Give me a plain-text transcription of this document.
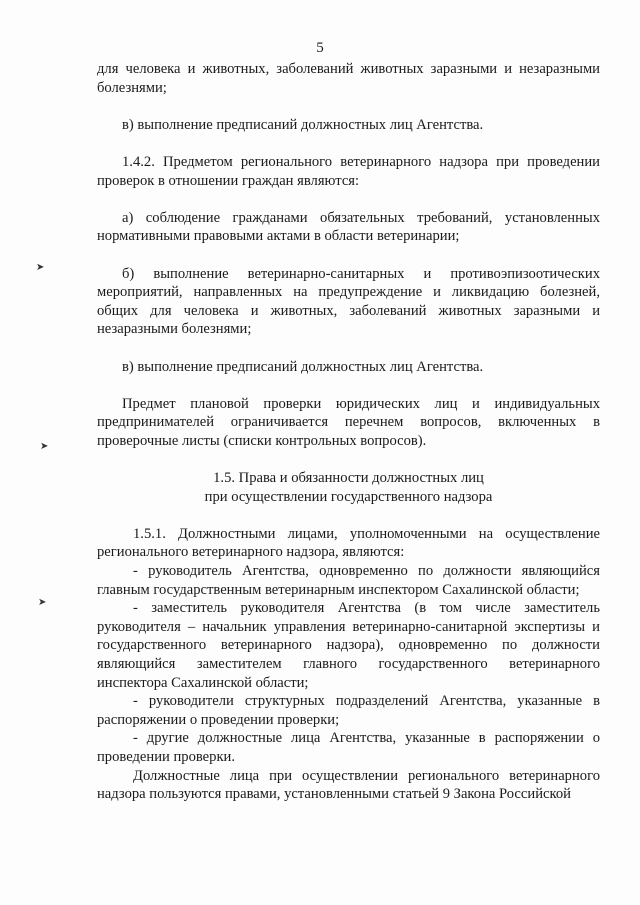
5
➤
➤
➤

для человека и животных, заболеваний животных заразными и незаразными болезнями;

в) выполнение предписаний должностных лиц Агентства.

1.4.2. Предметом регионального ветеринарного надзора при проведении проверок в отношении граждан являются:

а) соблюдение гражданами обязательных требований, установленных нормативными правовыми актами в области ветеринарии;

б) выполнение ветеринарно-санитарных и противоэпизоотических мероприятий, направленных на предупреждение и ликвидацию болезней, общих для человека и животных, заболеваний животных заразными и незаразными болезнями;

в) выполнение предписаний должностных лиц Агентства.

Предмет плановой проверки юридических лиц и индивидуальных предпринимателей ограничивается перечнем вопросов, включенных в проверочные листы (списки контрольных вопросов).

1.5. Права и обязанности должностных лиц

при осуществлении государственного надзора

1.5.1. Должностными лицами, уполномоченными на осуществление регионального ветеринарного надзора, являются:

- руководитель Агентства, одновременно по должности являющийся главным государственным ветеринарным инспектором Сахалинской области;

- заместитель руководителя Агентства (в том числе заместитель руководителя – начальник управления ветеринарно-санитарной экспертизы и государственного ветеринарного надзора), одновременно по должности являющийся заместителем главного государственного ветеринарного инспектора Сахалинской области;

- руководители структурных подразделений Агентства, указанные в распоряжении о проведении проверки;

- другие должностные лица Агентства, указанные в распоряжении о проведении проверки.

Должностные лица при осуществлении регионального ветеринарного надзора пользуются правами, установленными статьей 9 Закона Российской
